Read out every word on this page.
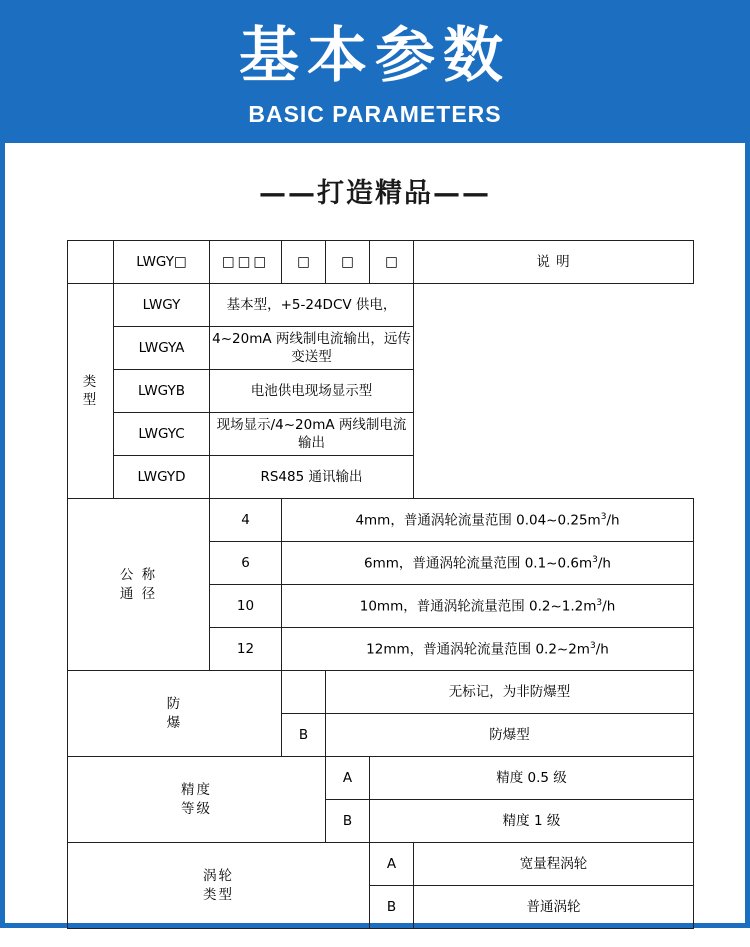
基本参数
BASIC PARAMETERS
——打造精品——
	LWGY□	□□□	□	□	□	说 明
类
型	LWGY	基本型，+5-24DCV 供电，			
	LWGYA	4~20mA 两线制电流输出，远传变送型				
	LWGYB	电池供电现场显示型				
	LWGYC	现场显示/4~20mA 两线制电流输出				
	LWGYD	RS485 通讯输出				
公 称
通 径		4	4mm，普通涡轮流量范围 $0.04\sim 0.25m^3/h$			
		6	6mm，普通涡轮流量范围 $0.1\sim 0.6m^3/h$			
		10	10mm，普通涡轮流量范围 $0.2\sim 1.2m^3/h$			
		12	12mm，普通涡轮流量范围 $0.2\sim 2m^3/h$			
防
爆				无标记，为非防爆型		
			B	防爆型		
精度
等级				A	精度 0.5 级	
				B	精度 1 级	
涡轮
类型					A	宽量程涡轮
					B	普通涡轮
